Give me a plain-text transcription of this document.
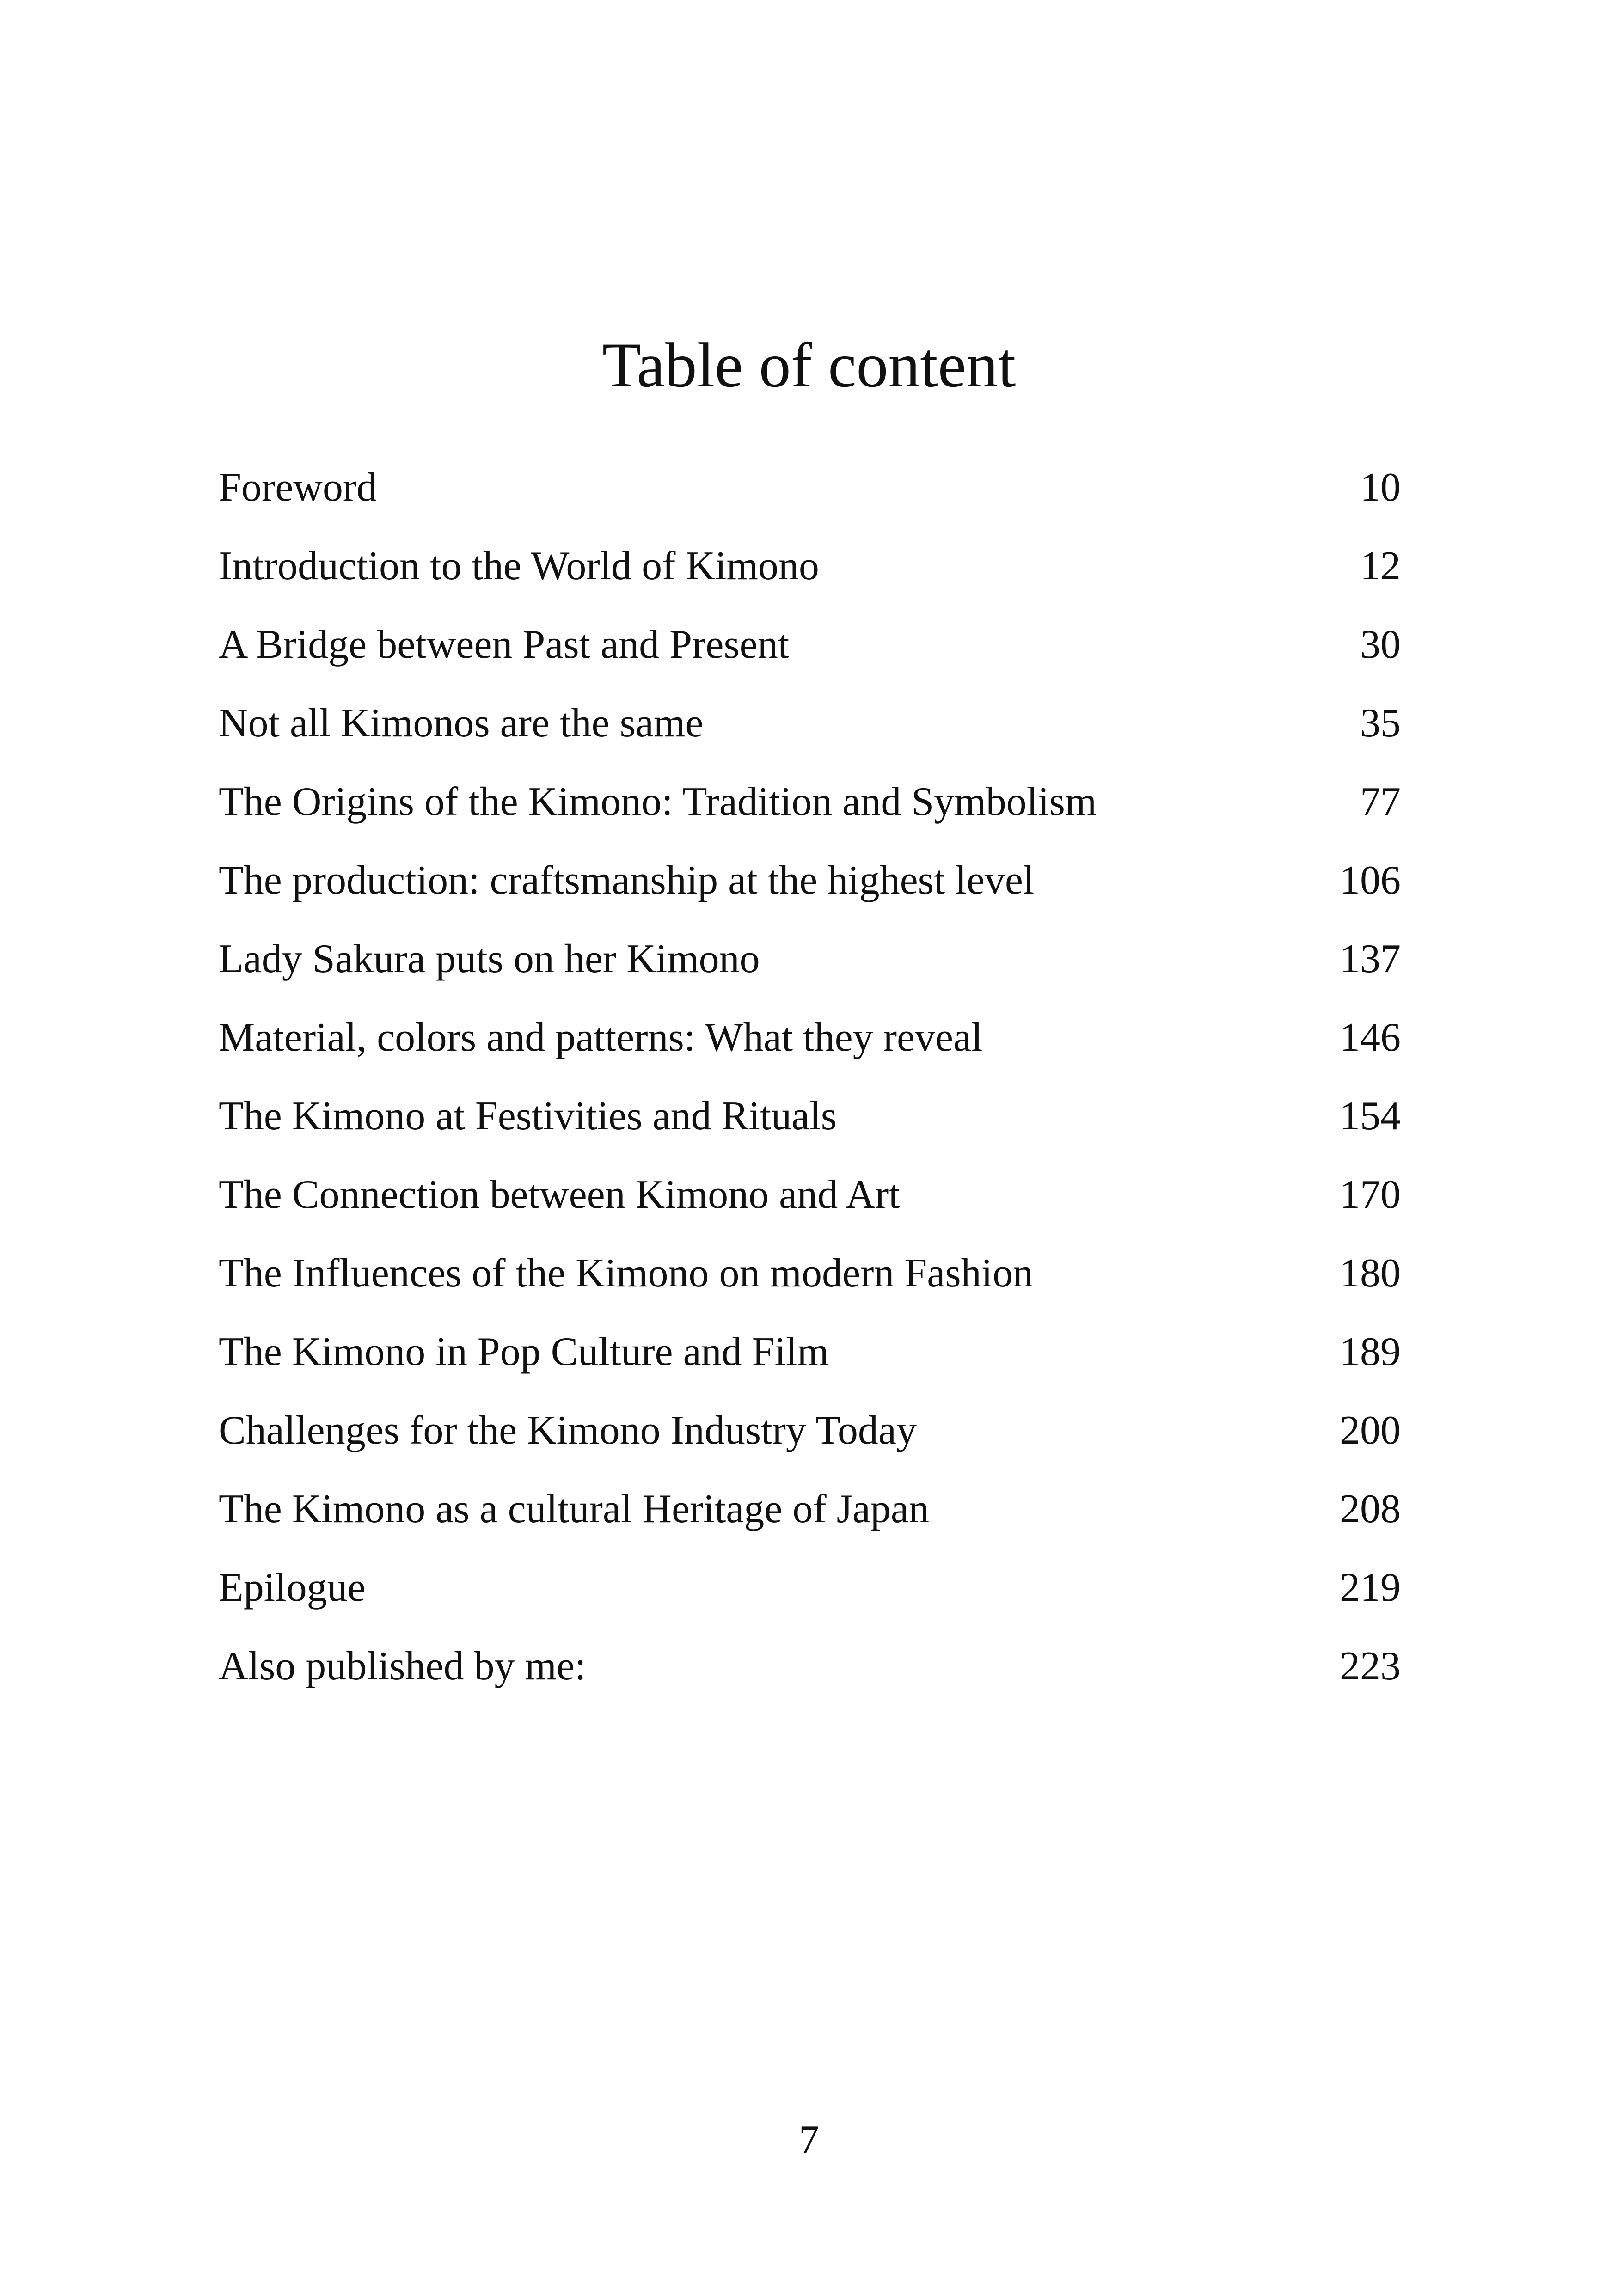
Table of content
Foreword	10
Introduction to the World of Kimono	12
A Bridge between Past and Present	30
Not all Kimonos are the same	35
The Origins of the Kimono: Tradition and Symbolism	77
The production: craftsmanship at the highest level	106
Lady Sakura puts on her Kimono	137
Material, colors and patterns: What they reveal	146
The Kimono at Festivities and Rituals	154
The Connection between Kimono and Art	170
The Influences of the Kimono on modern Fashion	180
The Kimono in Pop Culture and Film	189
Challenges for the Kimono Industry Today	200
The Kimono as a cultural Heritage of Japan	208
Epilogue	219
Also published by me:	223
7
